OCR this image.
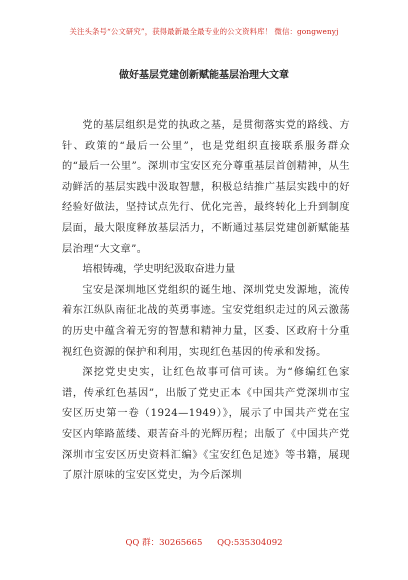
关注头条号“公文研究”，获得最新最全最专业的公文资料库！ 微信：gongwenyj
做好基层党建创新赋能基层治理大文章

党的基层组织是党的执政之基，是贯彻落实党的路线、方针、政策的“最后一公里”，也是党组织直接联系服务群众的“最后一公里”。深圳市宝安区充分尊重基层首创精神，从生动鲜活的基层实践中汲取智慧，积极总结推广基层实践中的好经验好做法，坚持试点先行、优化完善，最终转化上升到制度层面，最大限度释放基层活力，不断通过基层党建创新赋能基层治理“大文章”。

培根铸魂，学史明纪汲取奋进力量

宝安是深圳地区党组织的诞生地、深圳党史发源地，流传着东江纵队南征北战的英勇事迹。宝安党组织走过的风云激荡的历史中蕴含着无穷的智慧和精神力量，区委、区政府十分重视红色资源的保护和利用，实现红色基因的传承和发扬。

深挖党史史实，让红色故事可信可读。为“修编红色家谱，传承红色基因”，出版了党史正本《中国共产党深圳市宝安区历史第一卷（1924—1949）》，展示了中国共产党在宝安区内筚路蓝缕、艰苦奋斗的光辉历程；出版了《中国共产党深圳市宝安区历史资料汇编》《宝安红色足迹》等书籍，展现了原汁原味的宝安区党史，为今后深圳

QQ 群：30265665 QQ:535304092
